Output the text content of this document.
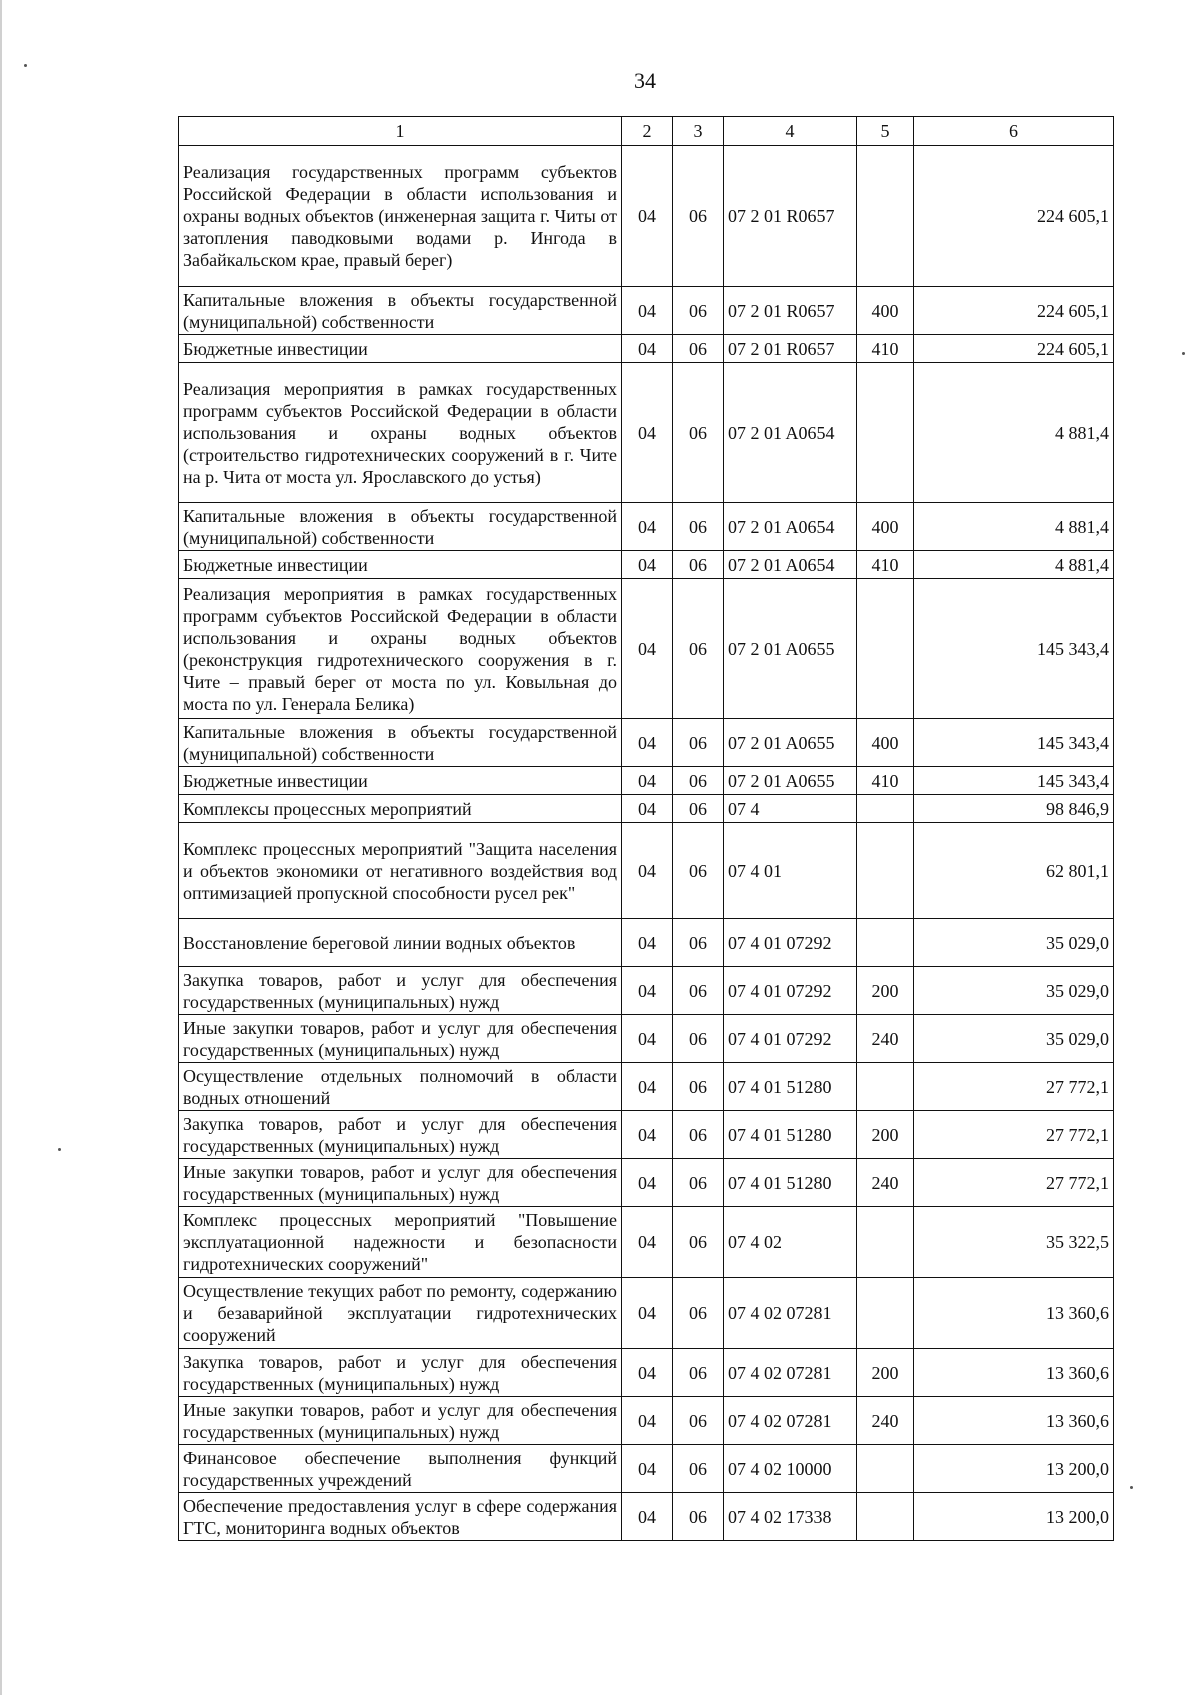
34
1	2	3	4	5	6
Реализация государственных программ субъектов Российской Федерации в области использования и охраны водных объектов (инженерная защита г. Читы от затопления паводковыми водами р. Ингода в Забайкальском крае, правый берег)	04	06	07 2 01 R0657		224 605,1
Капитальные вложения в объекты государственной (муниципальной) собственности	04	06	07 2 01 R0657	400	224 605,1
Бюджетные инвестиции	04	06	07 2 01 R0657	410	224 605,1
Реализация мероприятия в рамках государственных программ субъектов Российской Федерации в области использования и охраны водных объектов (строительство гидротехнических сооружений в г. Чите на р. Чита от моста ул. Ярославского до устья)	04	06	07 2 01 A0654		4 881,4
Капитальные вложения в объекты государственной (муниципальной) собственности	04	06	07 2 01 A0654	400	4 881,4
Бюджетные инвестиции	04	06	07 2 01 A0654	410	4 881,4
Реализация мероприятия в рамках государственных программ субъектов Российской Федерации в области использования и охраны водных объектов (реконструкция гидротехнического сооружения в г. Чите – правый берег от моста по ул. Ковыльная до моста по ул. Генерала Белика)	04	06	07 2 01 A0655		145 343,4
Капитальные вложения в объекты государственной (муниципальной) собственности	04	06	07 2 01 A0655	400	145 343,4
Бюджетные инвестиции	04	06	07 2 01 A0655	410	145 343,4
Комплексы процессных мероприятий	04	06	07 4		98 846,9
Комплекс процессных мероприятий "Защита населения и объектов экономики от негативного воздействия вод оптимизацией пропускной способности русел рек"	04	06	07 4 01		62 801,1
Восстановление береговой линии водных объектов	04	06	07 4 01 07292		35 029,0
Закупка товаров, работ и услуг для обеспечения государственных (муниципальных) нужд	04	06	07 4 01 07292	200	35 029,0
Иные закупки товаров, работ и услуг для обеспечения государственных (муниципальных) нужд	04	06	07 4 01 07292	240	35 029,0
Осуществление отдельных полномочий в области водных отношений	04	06	07 4 01 51280		27 772,1
Закупка товаров, работ и услуг для обеспечения государственных (муниципальных) нужд	04	06	07 4 01 51280	200	27 772,1
Иные закупки товаров, работ и услуг для обеспечения государственных (муниципальных) нужд	04	06	07 4 01 51280	240	27 772,1
Комплекс процессных мероприятий "Повышение эксплуатационной надежности и безопасности гидротехнических сооружений"	04	06	07 4 02		35 322,5
Осуществление текущих работ по ремонту, содержанию и безаварийной эксплуатации гидротехнических сооружений	04	06	07 4 02 07281		13 360,6
Закупка товаров, работ и услуг для обеспечения государственных (муниципальных) нужд	04	06	07 4 02 07281	200	13 360,6
Иные закупки товаров, работ и услуг для обеспечения государственных (муниципальных) нужд	04	06	07 4 02 07281	240	13 360,6
Финансовое обеспечение выполнения функций государственных учреждений	04	06	07 4 02 10000		13 200,0
Обеспечение предоставления услуг в сфере содержания ГТС, мониторинга водных объектов	04	06	07 4 02 17338		13 200,0
